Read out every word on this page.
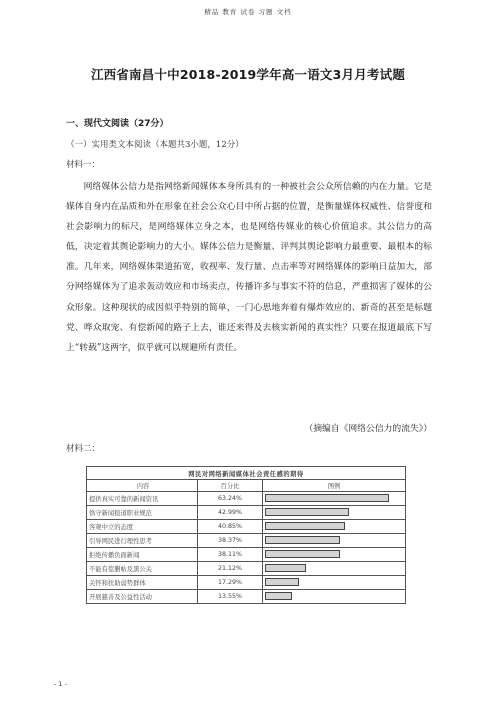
精品 教育 试卷 习题 文档
江西省南昌十中2018-2019学年高一语文3月月考试题
一、现代文阅读（27分）
（一）实用类文本阅读（本题共3小题，12分）
材料一：
网络媒体公信力是指网络新闻媒体本身所具有的一种被社会公众所信赖的内在力量。它是媒体自身内在品质和外在形象在社会公众心目中所占据的位置，是衡量媒体权威性、信誉度和社会影响力的标尺，是网络媒体立身之本，也是网络传媒业的核心价值追求。其公信力的高低，决定着其舆论影响力的大小。媒体公信力是衡量、评判其舆论影响力最重要、最根本的标准。几年来，网络媒体渠道拓宽，收视率、发行量、点击率等对网络媒体的影响日益加大，部分网络媒体为了追求轰动效应和市场卖点，传播许多与事实不符的信息，严重损害了媒体的公众形象。这种现状的成因似乎特别的简单，一门心思地奔着有爆炸效应的、新奇的甚至是标题党、哗众取宠、有偿新闻的路子上去，谁还来得及去核实新闻的真实性？只要在报道最底下写上“转载”这两字，似乎就可以规避所有责任。
（摘编自《网络公信力的流失》）
材料二：
网民对网络新闻媒体社会责任感的期待		
内容	百分比	图例
提供真实可靠的新闻资讯	63.24%	

恪守新闻报道职业规范	42.99%	

客观中立的态度	40.85%	

引导网民进行理性思考	38.37%	

拒绝传播负面新闻	38.11%	

不能有偿删帖及黑公关	21.12%	

关怀和扶助弱势群体	17.29%	

开展慈善及公益性活动	13.55%	
- 1 -
